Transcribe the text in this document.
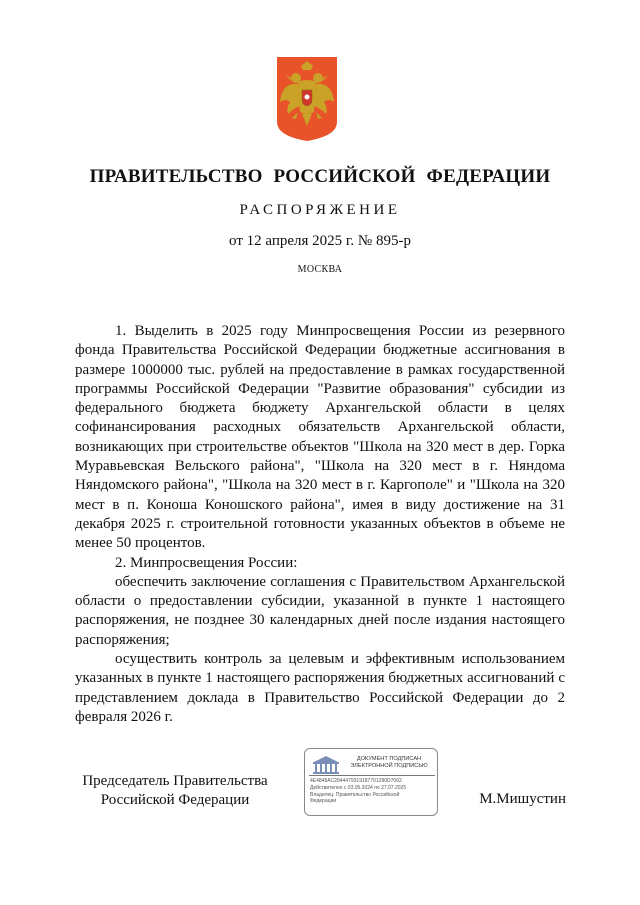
ПРАВИТЕЛЬСТВО РОССИЙСКОЙ ФЕДЕРАЦИИ
РАСПОРЯЖЕНИЕ
от 12 апреля 2025 г. № 895-р
МОСКВА

1. Выделить в 2025 году Минпросвещения России из резервного фонда Правительства Российской Федерации бюджетные ассигнования в размере 1000000 тыс. рублей на предоставление в рамках государственной программы Российской Федерации "Развитие образования" субсидии из федерального бюджета бюджету Архангельской области в целях софинансирования расходных обязательств Архангельской области, возникающих при строительстве объектов "Школа на 320 мест в дер. Горка Муравьевская Вельского района", "Школа на 320 мест в г. Няндома Няндомского района", "Школа на 320 мест в г. Каргополе" и "Школа на 320 мест в п. Коноша Коношского района", имея в виду достижение на 31 декабря 2025 г. строительной готовности указанных объектов в объеме не менее 50 процентов.

2. Минпросвещения России:

обеспечить заключение соглашения с Правительством Архангельской области о предоставлении субсидии, указанной в пункте 1 настоящего распоряжения, не позднее 30 календарных дней после издания настоящего распоряжения;

осуществить контроль за целевым и эффективным использованием указанных в пункте 1 настоящего распоряжения бюджетных ассигнований с представлением доклада в Правительство Российской Федерации до 2 февраля 2026 г.

Председатель Правительства
Российской Федерации
ДОКУМЕНТ ПОДПИСАН
ЭЛЕКТРОННОЙ ПОДПИСЬЮ
4E4848AC2844479319187701280D7062
Действителен с 03.05.2024 по 27.07.2025
Владелец: Правительство Российской
Федерации	М.Мишустин
